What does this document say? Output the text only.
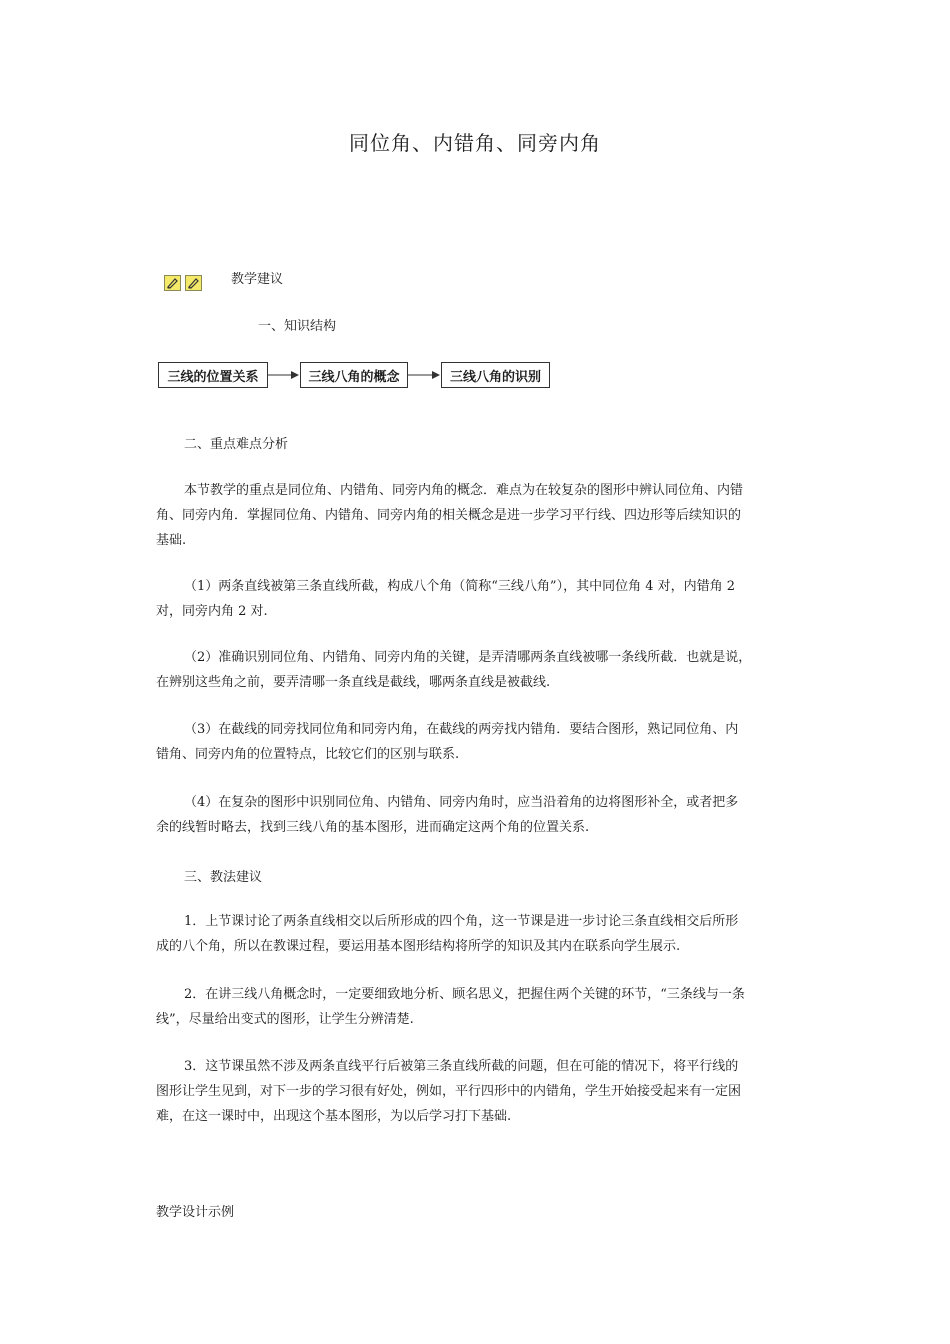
同位角、内错角、同旁内角
教学建议
一、知识结构
三线的位置关系	三线八角的概念	三线八角的识别
二、重点难点分析
本节教学的重点是同位角、内错角、同旁内角的概念．难点为在较复杂的图形中辨认同位角、内错
角、同旁内角．掌握同位角、内错角、同旁内角的相关概念是进一步学习平行线、四边形等后续知识的
基础.
（1）两条直线被第三条直线所截，构成八个角（简称“三线八角”），其中同位角 4 对，内错角 2
对，同旁内角 2 对.
（2）准确识别同位角、内错角、同旁内角的关键，是弄清哪两条直线被哪一条线所截．也就是说，
在辨别这些角之前，要弄清哪一条直线是截线，哪两条直线是被截线.
（3）在截线的同旁找同位角和同旁内角，在截线的两旁找内错角．要结合图形，熟记同位角、内
错角、同旁内角的位置特点，比较它们的区别与联系.
（4）在复杂的图形中识别同位角、内错角、同旁内角时，应当沿着角的边将图形补全，或者把多
余的线暂时略去，找到三线八角的基本图形，进而确定这两个角的位置关系.
三、教法建议
1．上节课讨论了两条直线相交以后所形成的四个角，这一节课是进一步讨论三条直线相交后所形
成的八个角，所以在教课过程，要运用基本图形结构将所学的知识及其内在联系向学生展示.
2．在讲三线八角概念时，一定要细致地分析、顾名思义，把握住两个关键的环节，“三条线与一条
线”，尽量给出变式的图形，让学生分辨清楚.
3．这节课虽然不涉及两条直线平行后被第三条直线所截的问题，但在可能的情况下，将平行线的
图形让学生见到，对下一步的学习很有好处，例如，平行四形中的内错角，学生开始接受起来有一定困
难，在这一课时中，出现这个基本图形，为以后学习打下基础.
教学设计示例
